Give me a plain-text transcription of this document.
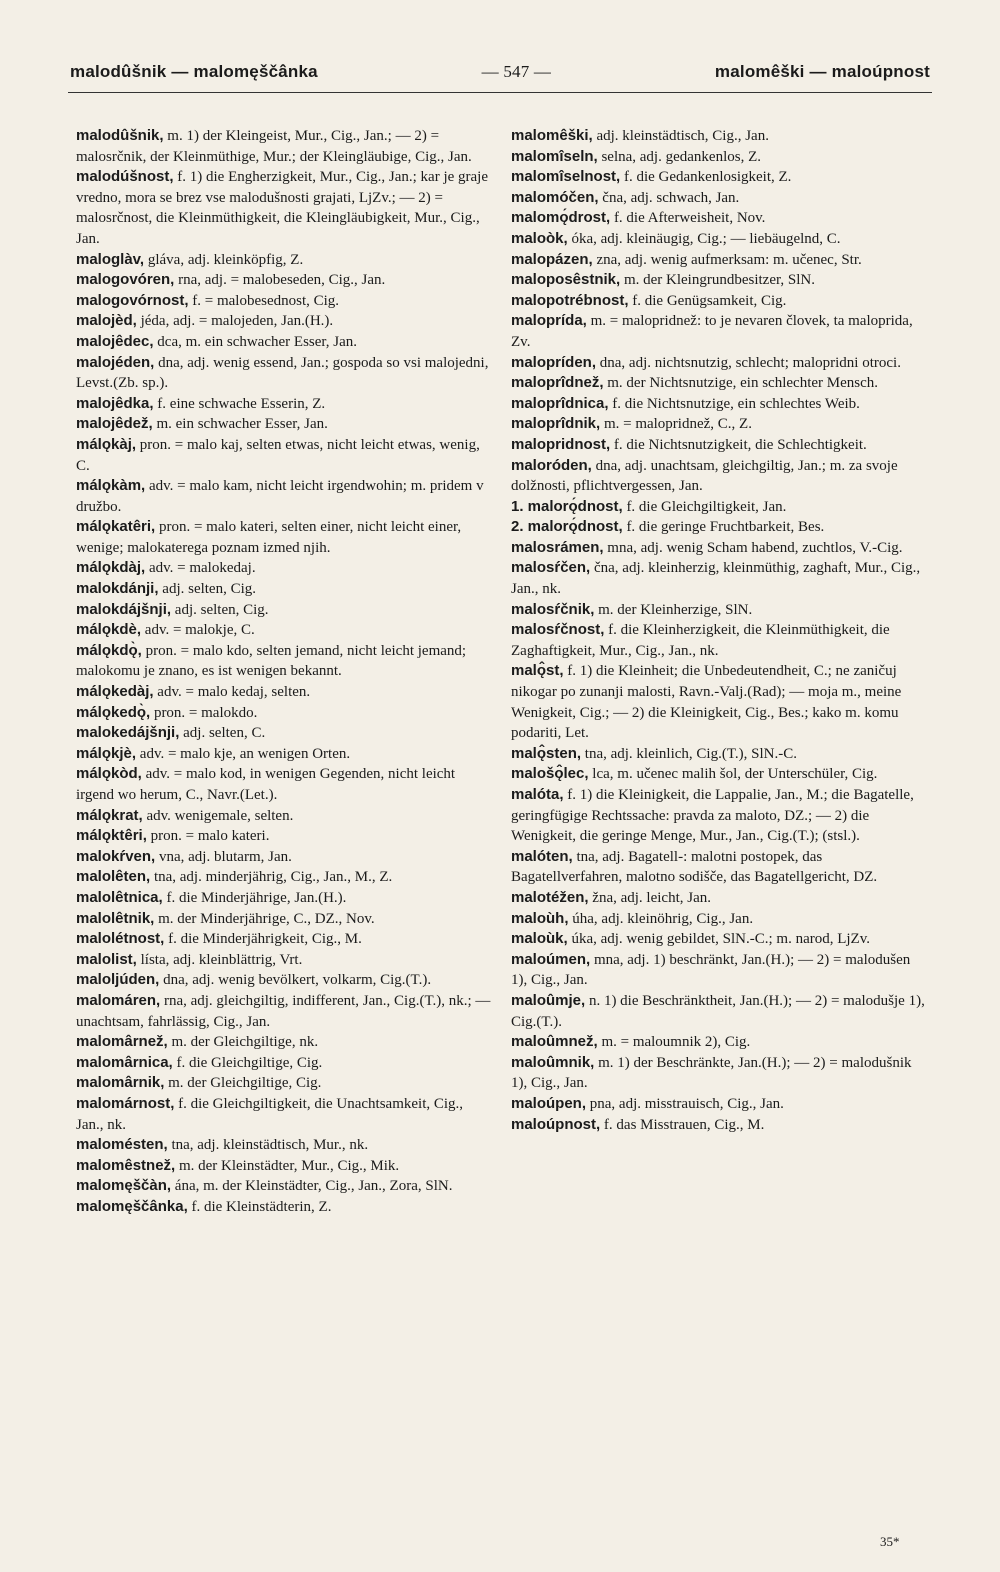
malodûšnik — malomęščânka	— 547 —	malomêški — maloúpnost

malodûšnik, m. 1) der Kleingeist, Mur., Cig., Jan.; — 2) = malosrčnik, der Kleinmüthige, Mur.; der Kleingläubige, Cig., Jan.

malodúšnost, f. 1) die Engherzigkeit, Mur., Cig., Jan.; kar je graje vredno, mora se brez vse malodušnosti grajati, LjZv.; — 2) = malosrčnost, die Kleinmüthigkeit, die Kleingläubigkeit, Mur., Cig., Jan.

maloglàv, gláva, adj. kleinköpfig, Z.

malogovóren, rna, adj. = malobeseden, Cig., Jan.

malogovórnost, f. = malobesednost, Cig.

malojèd, jéda, adj. = malojeden, Jan.(H.).

malojêdec, dca, m. ein schwacher Esser, Jan.

malojéden, dna, adj. wenig essend, Jan.; gospoda so vsi malojedni, Levst.(Zb. sp.).

malojêdka, f. eine schwache Esserin, Z.

malojêdež, m. ein schwacher Esser, Jan.

málǫkàj, pron. = malo kaj, selten etwas, nicht leicht etwas, wenig, C.

málǫkàm, adv. = malo kam, nicht leicht irgendwohin; m. pridem v družbo.

málǫkatêri, pron. = malo kateri, selten einer, nicht leicht einer, wenige; malokaterega poznam izmed njih.

málǫkdàj, adv. = malokedaj.

malokdánji, adj. selten, Cig.

malokdájšnji, adj. selten, Cig.

málǫkdè, adv. = malokje, C.

málǫkdǫ̀, pron. = malo kdo, selten jemand, nicht leicht jemand; malokomu je znano, es ist wenigen bekannt.

málǫkedàj, adv. = malo kedaj, selten.

málǫkedǫ̀, pron. = malokdo.

malokedájšnji, adj. selten, C.

málǫkjè, adv. = malo kje, an wenigen Orten.

málǫkòd, adv. = malo kod, in wenigen Gegenden, nicht leicht irgend wo herum, C., Navr.(Let.).

málǫkrat, adv. wenigemale, selten.

málǫktêri, pron. = malo kateri.

malokŕven, vna, adj. blutarm, Jan.

malolêten, tna, adj. minderjährig, Cig., Jan., M., Z.

malolêtnica, f. die Minderjährige, Jan.(H.).

malolêtnik, m. der Minderjährige, C., DZ., Nov.

malolétnost, f. die Minderjährigkeit, Cig., M.

malolist, lísta, adj. kleinblättrig, Vrt.

maloljúden, dna, adj. wenig bevölkert, volkarm, Cig.(T.).

malomáren, rna, adj. gleichgiltig, indifferent, Jan., Cig.(T.), nk.; — unachtsam, fahrlässig, Cig., Jan.

malomârnež, m. der Gleichgiltige, nk.

malomârnica, f. die Gleichgiltige, Cig.

malomârnik, m. der Gleichgiltige, Cig.

malomárnost, f. die Gleichgiltigkeit, die Unachtsamkeit, Cig., Jan., nk.

malomésten, tna, adj. kleinstädtisch, Mur., nk.

malomêstnež, m. der Kleinstädter, Mur., Cig., Mik.

malomęščàn, ána, m. der Kleinstädter, Cig., Jan., Zora, SlN.

malomęščânka, f. die Kleinstädterin, Z.

malomêški, adj. kleinstädtisch, Cig., Jan.

malomîseln, selna, adj. gedankenlos, Z.

malomîselnost, f. die Gedankenlosigkeit, Z.

malomóčen, čna, adj. schwach, Jan.

malomǫ́drost, f. die Afterweisheit, Nov.

maloòk, óka, adj. kleinäugig, Cig.; — liebäugelnd, C.

malopázen, zna, adj. wenig aufmerksam: m. učenec, Str.

maloposêstnik, m. der Kleingrundbesitzer, SlN.

malopotrébnost, f. die Genügsamkeit, Cig.

maloprída, m. = malopridnež: to je nevaren človek, ta maloprida, Zv.

malopríden, dna, adj. nichtsnutzig, schlecht; malopridni otroci.

maloprîdnež, m. der Nichtsnutzige, ein schlechter Mensch.

maloprîdnica, f. die Nichtsnutzige, ein schlechtes Weib.

maloprîdnik, m. = malopridnež, C., Z.

malopridnost, f. die Nichtsnutzigkeit, die Schlechtigkeit.

maloróden, dna, adj. unachtsam, gleichgiltig, Jan.; m. za svoje dolžnosti, pflichtvergessen, Jan.

1. malorǫ́dnost, f. die Gleichgiltigkeit, Jan.

2. malorǫ́dnost, f. die geringe Fruchtbarkeit, Bes.

malosrámen, mna, adj. wenig Scham habend, zuchtlos, V.-Cig.

malosŕčen, čna, adj. kleinherzig, kleinmüthig, zaghaft, Mur., Cig., Jan., nk.

malosŕčnik, m. der Kleinherzige, SlN.

malosŕčnost, f. die Kleinherzigkeit, die Kleinmüthigkeit, die Zaghaftigkeit, Mur., Cig., Jan., nk.

malǫ̂st, f. 1) die Kleinheit; die Unbedeutendheit, C.; ne zaničuj nikogar po zunanji malosti, Ravn.-Valj.(Rad); — moja m., meine Wenigkeit, Cig.; — 2) die Kleinigkeit, Cig., Bes.; kako m. komu podariti, Let.

malǫ̂sten, tna, adj. kleinlich, Cig.(T.), SlN.-C.

malošǫ̂lec, lca, m. učenec malih šol, der Unterschüler, Cig.

malóta, f. 1) die Kleinigkeit, die Lappalie, Jan., M.; die Bagatelle, geringfügige Rechtssache: pravda za maloto, DZ.; — 2) die Wenigkeit, die geringe Menge, Mur., Jan., Cig.(T.); (stsl.).

malóten, tna, adj. Bagatell-: malotni postopek, das Bagatellverfahren, malotno sodišče, das Bagatellgericht, DZ.

malotéžen, žna, adj. leicht, Jan.

maloùh, úha, adj. kleinöhrig, Cig., Jan.

maloùk, úka, adj. wenig gebildet, SlN.-C.; m. narod, LjZv.

maloúmen, mna, adj. 1) beschränkt, Jan.(H.); — 2) = malodušen 1), Cig., Jan.

maloûmje, n. 1) die Beschränktheit, Jan.(H.); — 2) = malodušje 1), Cig.(T.).

maloûmnež, m. = maloumnik 2), Cig.

maloûmnik, m. 1) der Beschränkte, Jan.(H.); — 2) = malodušnik 1), Cig., Jan.

maloúpen, pna, adj. misstrauisch, Cig., Jan.

maloúpnost, f. das Misstrauen, Cig., M.

35*
